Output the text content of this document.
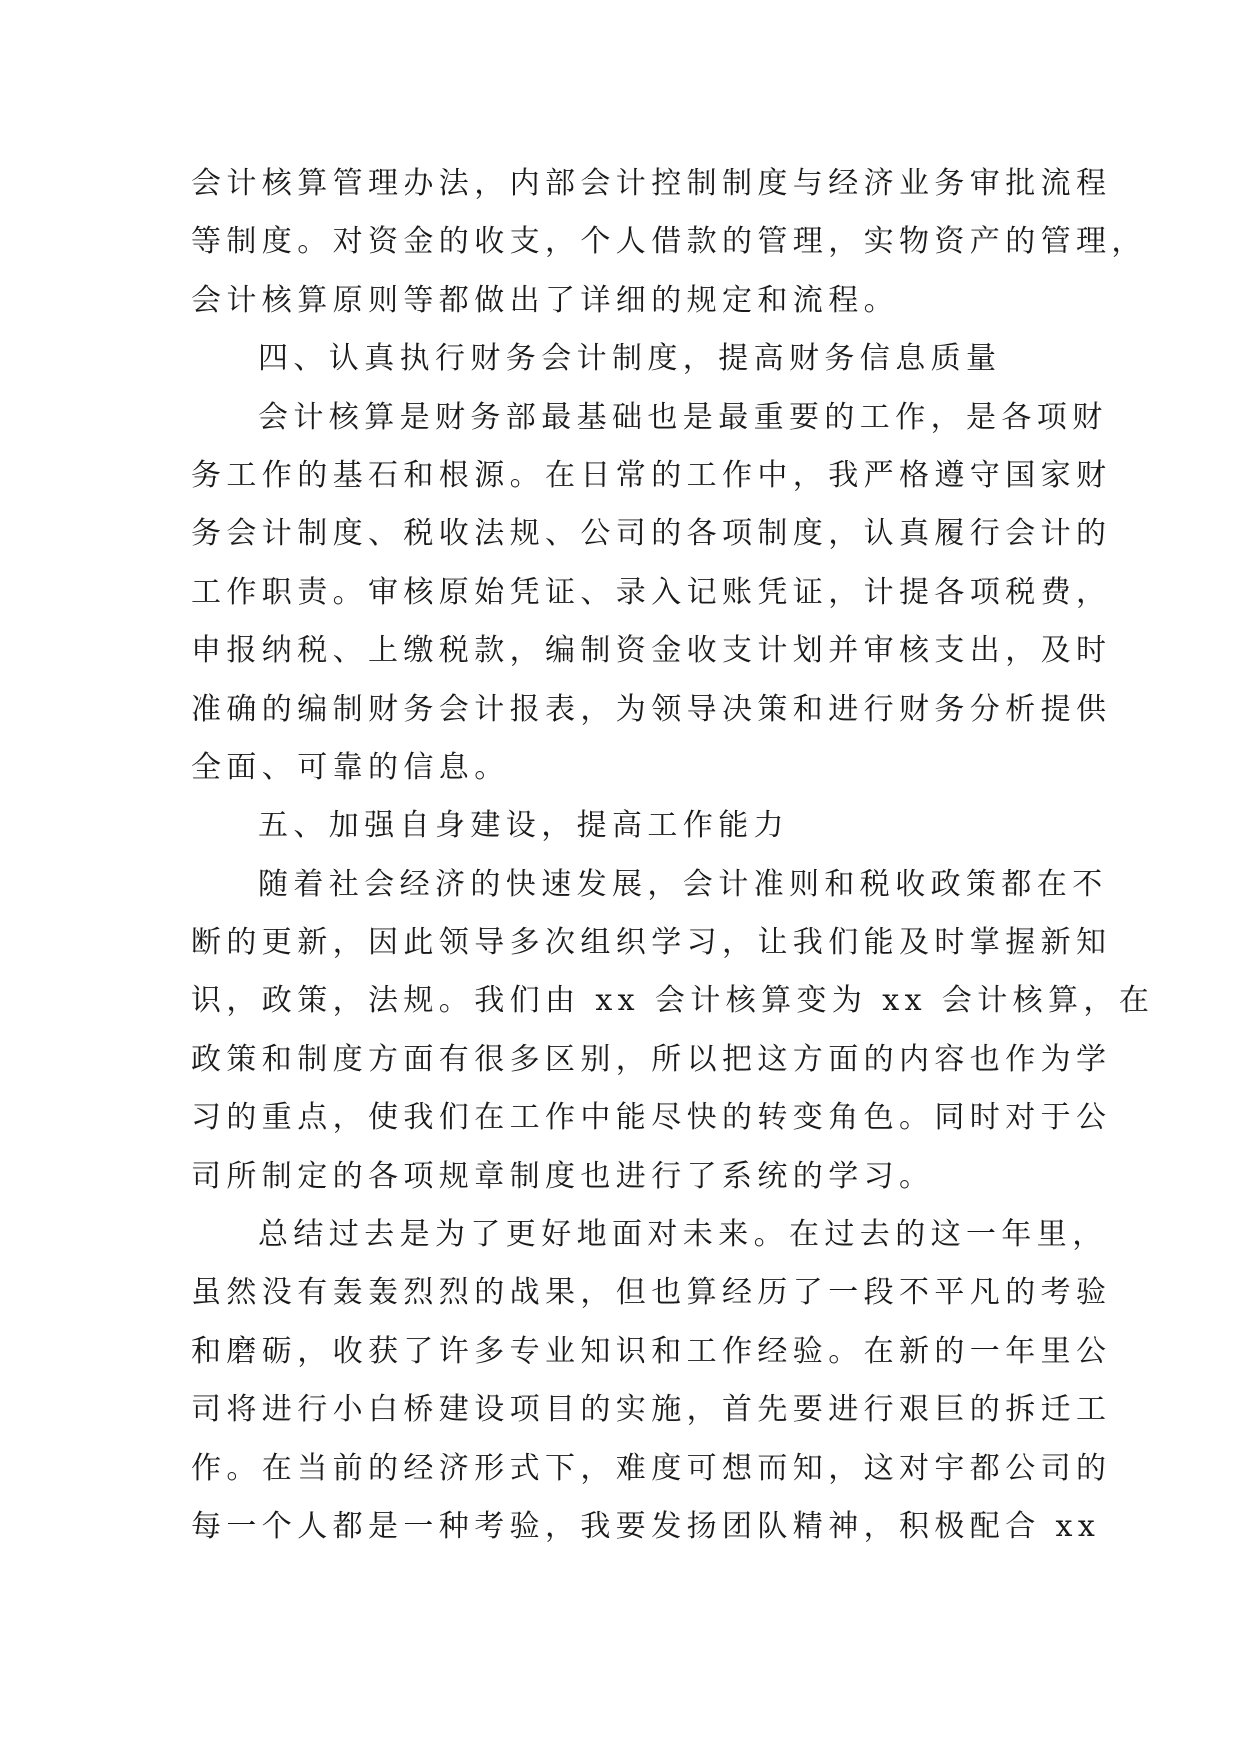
会计核算管理办法，内部会计控制制度与经济业务审批流程
等制度。对资金的收支，个人借款的管理，实物资产的管理，
会计核算原则等都做出了详细的规定和流程。
四、认真执行财务会计制度，提高财务信息质量
会计核算是财务部最基础也是最重要的工作，是各项财
务工作的基石和根源。在日常的工作中，我严格遵守国家财
务会计制度、税收法规、公司的各项制度，认真履行会计的
工作职责。审核原始凭证、录入记账凭证，计提各项税费，
申报纳税、上缴税款，编制资金收支计划并审核支出，及时
准确的编制财务会计报表，为领导决策和进行财务分析提供
全面、可靠的信息。
五、加强自身建设，提高工作能力
随着社会经济的快速发展，会计准则和税收政策都在不
断的更新，因此领导多次组织学习，让我们能及时掌握新知
识，政策，法规。我们由 xx 会计核算变为 xx 会计核算，在
政策和制度方面有很多区别，所以把这方面的内容也作为学
习的重点，使我们在工作中能尽快的转变角色。同时对于公
司所制定的各项规章制度也进行了系统的学习。
总结过去是为了更好地面对未来。在过去的这一年里，
虽然没有轰轰烈烈的战果，但也算经历了一段不平凡的考验
和磨砺，收获了许多专业知识和工作经验。在新的一年里公
司将进行小白桥建设项目的实施，首先要进行艰巨的拆迁工
作。在当前的经济形式下，难度可想而知，这对宇都公司的
每一个人都是一种考验，我要发扬团队精神，积极配合 xx
